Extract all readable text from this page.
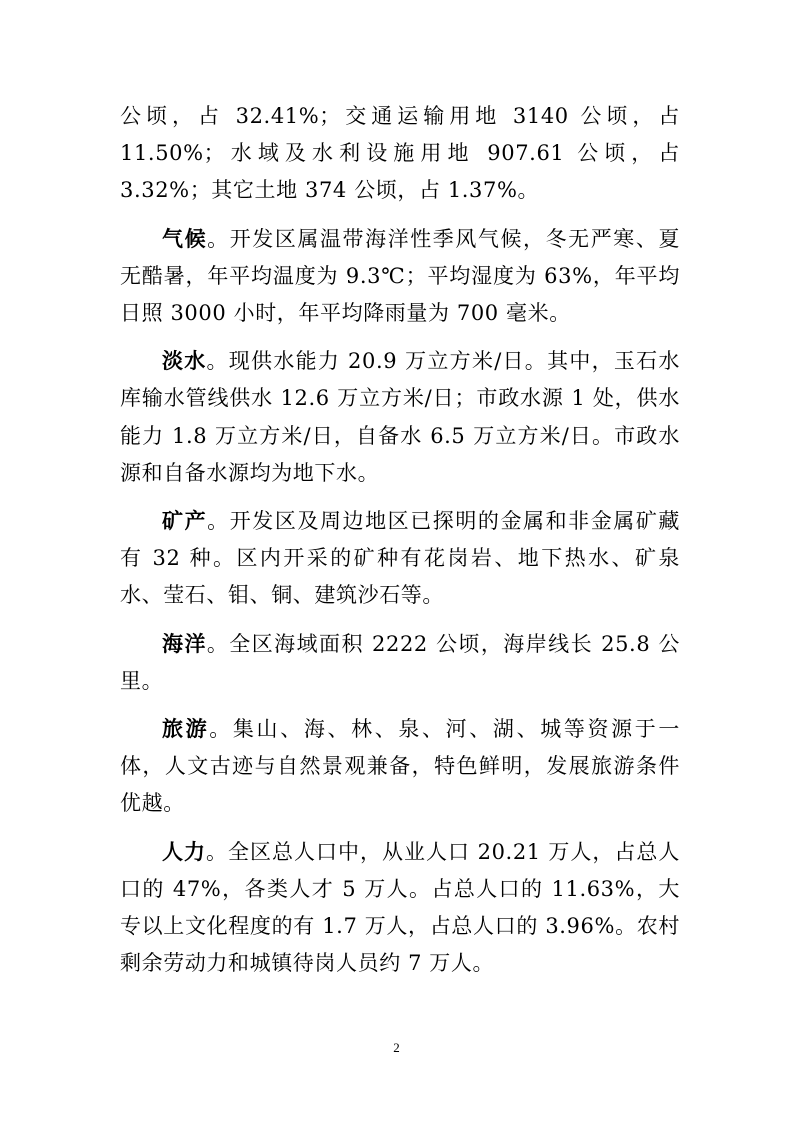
公顷，占 32.41%；交通运输用地 3140 公顷，占 11.50%；水域及水利设施用地 907.61 公顷，占 3.32%；其它土地 374 公顷，占 1.37%。

气候。开发区属温带海洋性季风气候，冬无严寒、夏无酷暑，年平均温度为 9.3℃；平均湿度为 63%，年平均日照 3000 小时，年平均降雨量为 700 毫米。

淡水。现供水能力 20.9 万立方米/日。其中，玉石水库输水管线供水 12.6 万立方米/日；市政水源 1 处，供水能力 1.8 万立方米/日，自备水 6.5 万立方米/日。市政水源和自备水源均为地下水。

矿产。开发区及周边地区已探明的金属和非金属矿藏有 32 种。区内开采的矿种有花岗岩、地下热水、矿泉水、莹石、钼、铜、建筑沙石等。

海洋。全区海域面积 2222 公顷，海岸线长 25.8 公里。

旅游。集山、海、林、泉、河、湖、城等资源于一体，人文古迹与自然景观兼备，特色鲜明，发展旅游条件优越。

人力。全区总人口中，从业人口 20.21 万人，占总人口的 47%，各类人才 5 万人。占总人口的 11.63%，大专以上文化程度的有 1.7 万人，占总人口的 3.96%。农村剩余劳动力和城镇待岗人员约 7 万人。

2
